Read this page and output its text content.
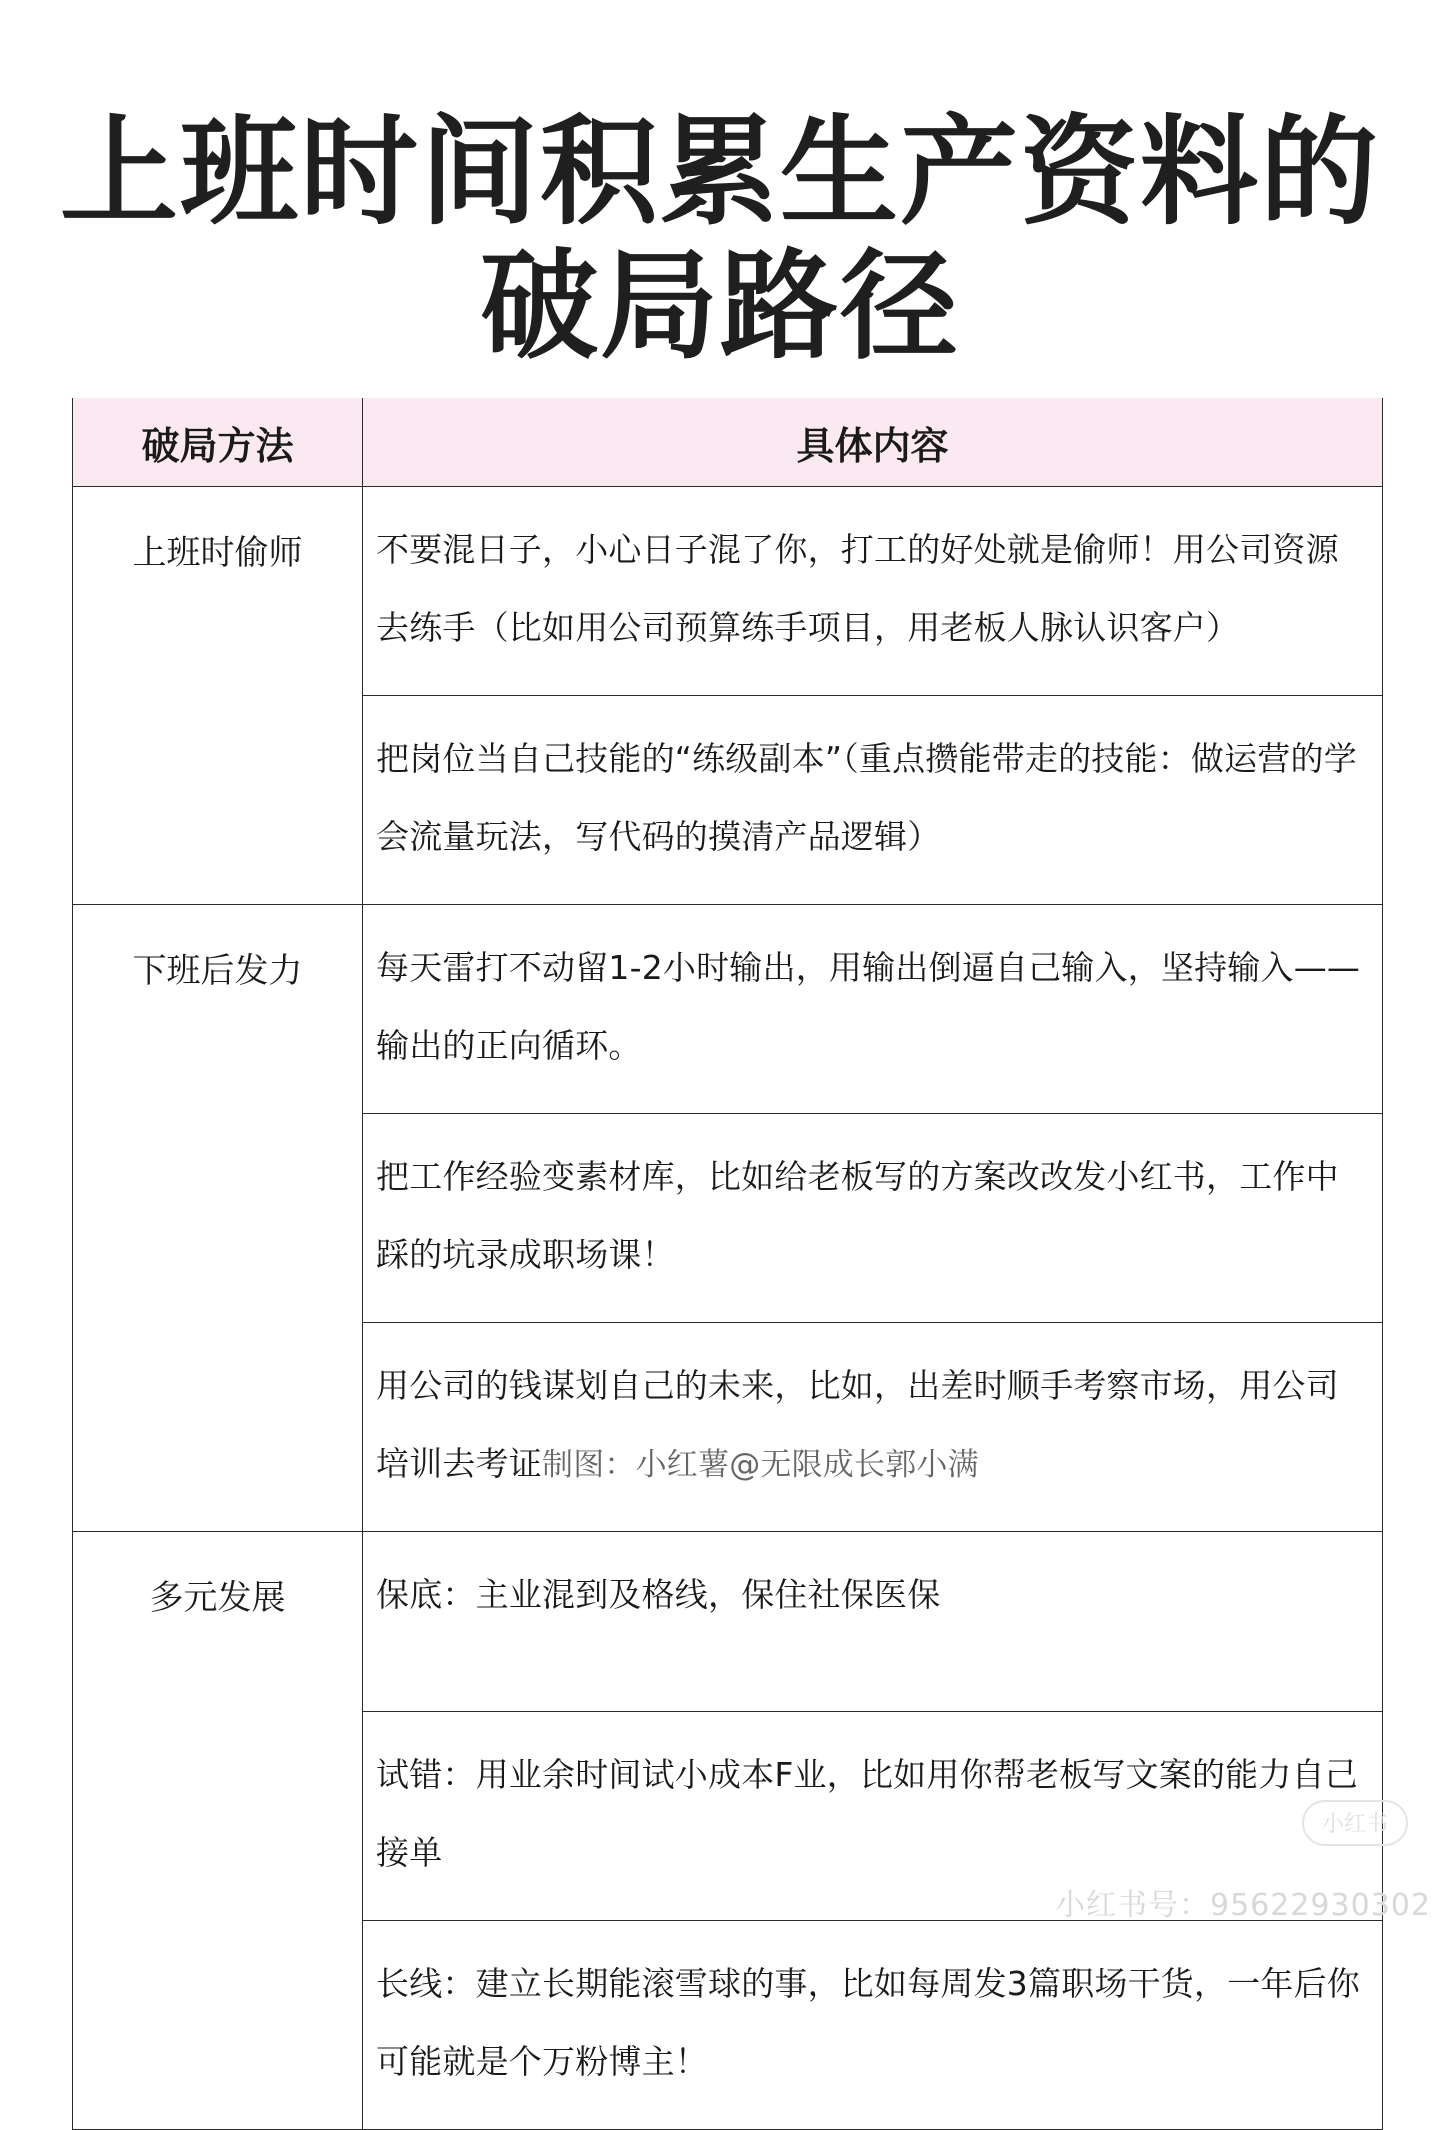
上班时间积累生产资料的
破局路径
破局方法	具体内容
上班时偷师	不要混日子，小心日子混了你，打工的好处就是偷师！用公司资源去练手（比如用公司预算练手项目，用老板人脉认识客户）
	把岗位当自己技能的“练级副本”（重点攒能带走的技能：做运营的学会流量玩法，写代码的摸清产品逻辑）
下班后发力	每天雷打不动留1-2小时输出，用输出倒逼自己输入，坚持输入——输出的正向循环。
	把工作经验变素材库，比如给老板写的方案改改发小红书，工作中踩的坑录成职场课！
	用公司的钱谋划自己的未来，比如，出差时顺手考察市场，用公司培训去考证制图：小红薯@无限成长郭小满
多元发展	保底：主业混到及格线，保住社保医保
	试错：用业余时间试小成本F业，比如用你帮老板写文案的能力自己接单
	长线：建立长期能滚雪球的事，比如每周发3篇职场干货，一年后你可能就是个万粉博主！
小红书
小红书号：95622930302
